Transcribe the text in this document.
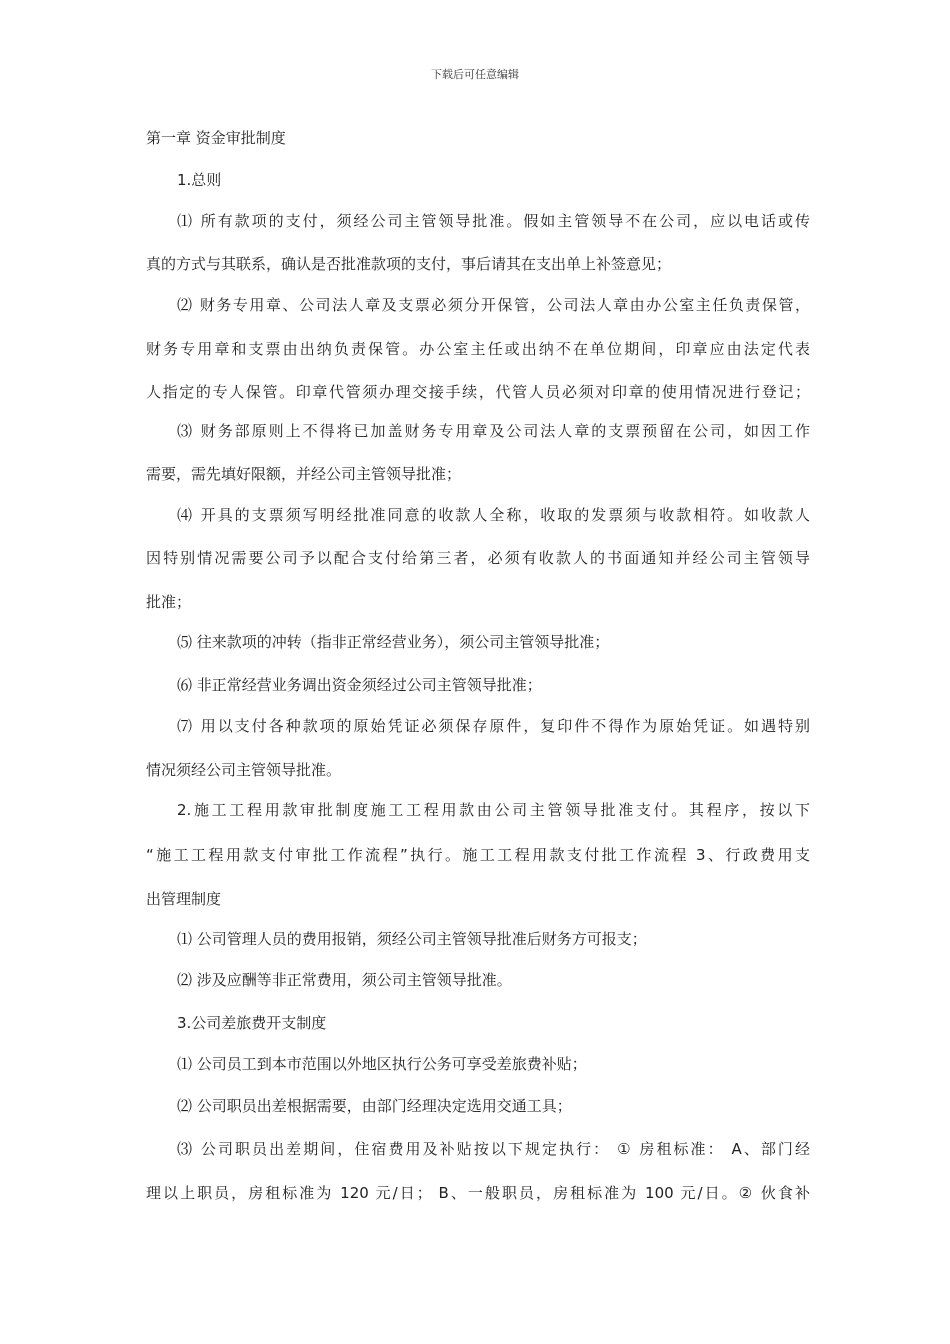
下载后可任意编辑
第一章 资金审批制度
1.总则
⑴ 所有款项的支付，须经公司主管领导批准。假如主管领导不在公司，应以电话或传
真的方式与其联系，确认是否批准款项的支付，事后请其在支出单上补签意见；
⑵ 财务专用章、公司法人章及支票必须分开保管，公司法人章由办公室主任负责保管，
财务专用章和支票由出纳负责保管。办公室主任或出纳不在单位期间，印章应由法定代表
人指定的专人保管。印章代管须办理交接手续，代管人员必须对印章的使用情况进行登记；
⑶ 财务部原则上不得将已加盖财务专用章及公司法人章的支票预留在公司，如因工作
需要，需先填好限额，并经公司主管领导批准；
⑷ 开具的支票须写明经批准同意的收款人全称，收取的发票须与收款相符。如收款人
因特别情况需要公司予以配合支付给第三者，必须有收款人的书面通知并经公司主管领导
批准；
⑸ 往来款项的冲转（指非正常经营业务），须公司主管领导批准；
⑹ 非正常经营业务调出资金须经过公司主管领导批准；
⑺ 用以支付各种款项的原始凭证必须保存原件，复印件不得作为原始凭证。如遇特别
情况须经公司主管领导批准。
2.施工工程用款审批制度施工工程用款由公司主管领导批准支付。其程序，按以下
“施工工程用款支付审批工作流程”执行。施工工程用款支付批工作流程 3、行政费用支
出管理制度
⑴ 公司管理人员的费用报销，须经公司主管领导批准后财务方可报支；
⑵ 涉及应酬等非正常费用，须公司主管领导批准。
3.公司差旅费开支制度
⑴ 公司员工到本市范围以外地区执行公务可享受差旅费补贴；
⑵ 公司职员出差根据需要，由部门经理决定选用交通工具；
⑶ 公司职员出差期间，住宿费用及补贴按以下规定执行： ① 房租标准： A、部门经
理以上职员，房租标准为 120 元/日； B、一般职员，房租标准为 100 元/日。② 伙食补
